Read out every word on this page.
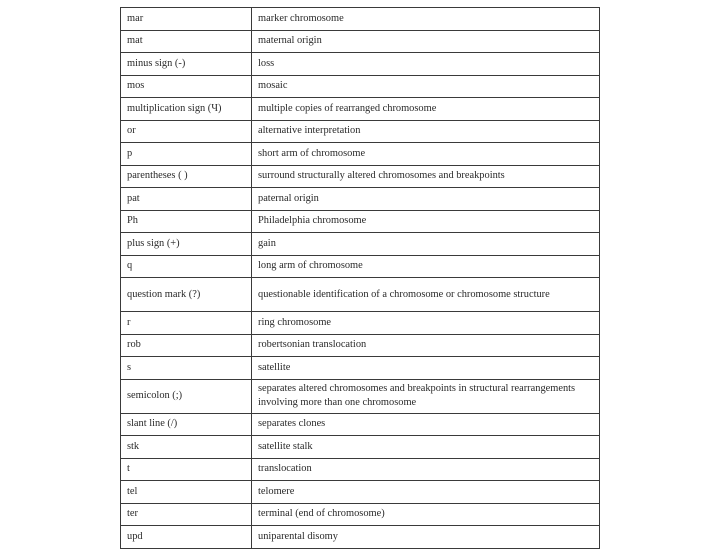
mar	marker chromosome
mat	maternal origin
minus sign (-)	loss
mos	mosaic
multiplication sign (Ч)	multiple copies of rearranged chromosome
or	alternative interpretation
p	short arm of chromosome
parentheses ( )	surround structurally altered chromosomes and breakpoints
pat	paternal origin
Ph	Philadelphia chromosome
plus sign (+)	gain
q	long arm of chromosome
question mark (?)	questionable identification of a chromosome or chromosome structure
r	ring chromosome
rob	robertsonian translocation
s	satellite
semicolon (;)	separates altered chromosomes and breakpoints in structural rearrangements involving more than one chromosome
slant line (/)	separates clones
stk	satellite stalk
t	translocation
tel	telomere
ter	terminal (end of chromosome)
upd	uniparental disomy
